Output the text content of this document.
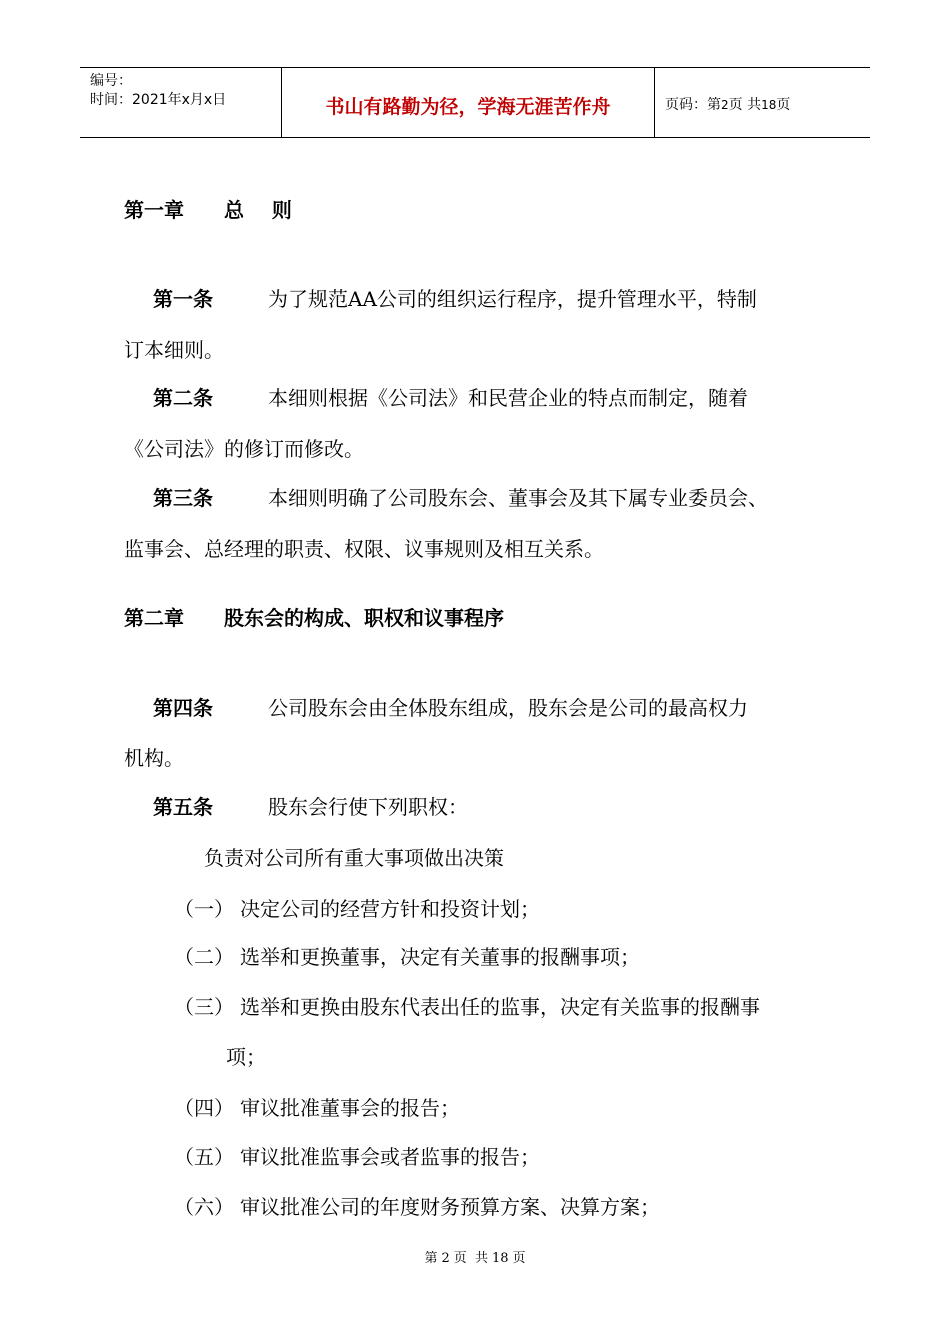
编号：
时间：2021年x月x日	书山有路勤为径，学海无涯苦作舟	页码：第2页 共18页
第一章 总    则
第一条	为了规范AA公司的组织运行程序，提升管理水平，特制
订本细则。
第二条	本细则根据《公司法》和民营企业的特点而制定，随着
《公司法》的修订而修改。
第三条	本细则明确了公司股东会、董事会及其下属专业委员会、
监事会、总经理的职责、权限、议事规则及相互关系。
第二章 股东会的构成、职权和议事程序
第四条	公司股东会由全体股东组成，股东会是公司的最高权力
机构。
第五条	股东会行使下列职权：
负责对公司所有重大事项做出决策
（一） 决定公司的经营方针和投资计划；
（二） 选举和更换董事，决定有关董事的报酬事项；
（三） 选举和更换由股东代表出任的监事，决定有关监事的报酬事
项；
（四） 审议批准董事会的报告；
（五） 审议批准监事会或者监事的报告；
（六） 审议批准公司的年度财务预算方案、决算方案；
第 2 页  共 18 页
